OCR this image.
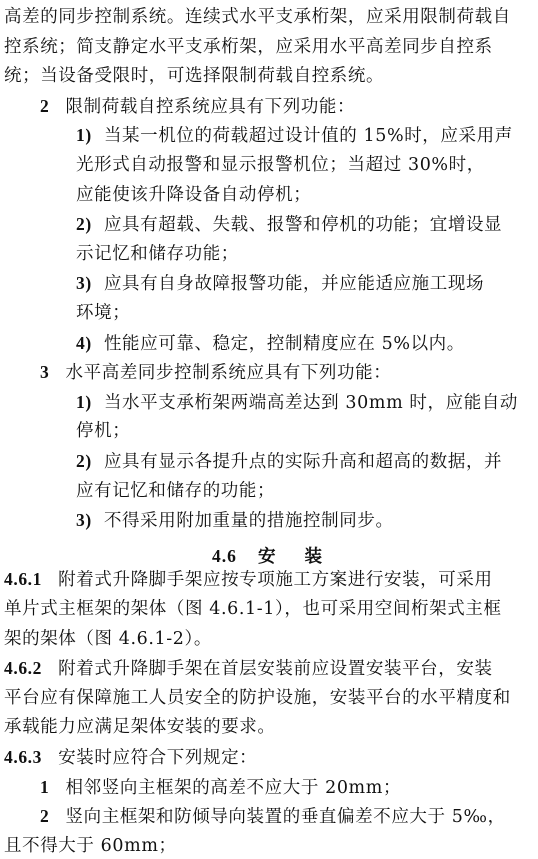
高差的同步控制系统。连续式水平支承桁架，应采用限制荷载自
控系统；简支静定水平支承桁架，应采用水平高差同步自控系
统；当设备受限时，可选择限制荷载自控系统。
2 限制荷载自控系统应具有下列功能：
1) 当某一机位的荷载超过设计值的 15%时，应采用声
光形式自动报警和显示报警机位；当超过 30%时，
应能使该升降设备自动停机；
2) 应具有超载、失载、报警和停机的功能；宜增设显
示记忆和储存功能；
3) 应具有自身故障报警功能，并应能适应施工现场
环境；
4) 性能应可靠、稳定，控制精度应在 5%以内。
3 水平高差同步控制系统应具有下列功能：
1) 当水平支承桁架两端高差达到 30mm 时，应能自动
停机；
2) 应具有显示各提升点的实际升高和超高的数据，并
应有记忆和储存的功能；
3) 不得采用附加重量的措施控制同步。
4.6 安 装
4.6.1 附着式升降脚手架应按专项施工方案进行安装，可采用
单片式主框架的架体（图 4.6.1-1），也可采用空间桁架式主框
架的架体（图 4.6.1-2）。
4.6.2 附着式升降脚手架在首层安装前应设置安装平台，安装
平台应有保障施工人员安全的防护设施，安装平台的水平精度和
承载能力应满足架体安装的要求。
4.6.3 安装时应符合下列规定：
1 相邻竖向主框架的高差不应大于 20mm；
2 竖向主框架和防倾导向装置的垂直偏差不应大于 5‰，
且不得大于 60mm；
